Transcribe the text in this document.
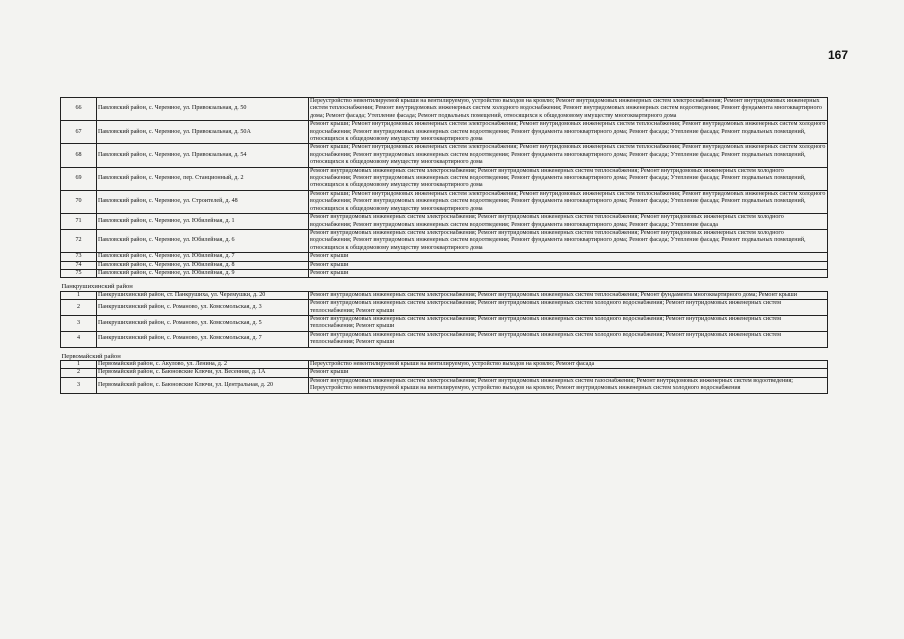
167
66	Павловский район, с. Черемное, ул. Привокзальная, д. 50	Переустройство невентилируемой крыши на вентилируемую, устройство выходов на кровлю; Ремонт внутридомовых инженерных систем электроснабжения; Ремонт внутридомовых инженерных систем теплоснабжения; Ремонт внутридомовых инженерных систем холодного водоснабжения; Ремонт внутридомовых инженерных систем водоотведения; Ремонт фундамента многоквартирного дома; Ремонт фасада; Утепление фасада; Ремонт подвальных помещений, относящихся к общедомовому имуществу многоквартирного дома
67	Павловский район, с. Черемное, ул. Привокзальная, д. 50А	Ремонт крыши; Ремонт внутридомовых инженерных систем электроснабжения; Ремонт внутридомовых инженерных систем теплоснабжения; Ремонт внутридомовых инженерных систем холодного водоснабжения; Ремонт внутридомовых инженерных систем водоотведения; Ремонт фундамента многоквартирного дома; Ремонт фасада; Утепление фасада; Ремонт подвальных помещений, относящихся к общедомовому имуществу многоквартирного дома
68	Павловский район, с. Черемное, ул. Привокзальная, д. 54	Ремонт крыши; Ремонт внутридомовых инженерных систем электроснабжения; Ремонт внутридомовых инженерных систем теплоснабжения; Ремонт внутридомовых инженерных систем холодного водоснабжения; Ремонт внутридомовых инженерных систем водоотведения; Ремонт фундамента многоквартирного дома; Ремонт фасада; Утепление фасада; Ремонт подвальных помещений, относящихся к общедомовому имуществу многоквартирного дома
69	Павловский район, с. Черемное, пер. Станционный, д. 2	Ремонт внутридомовых инженерных систем электроснабжения; Ремонт внутридомовых инженерных систем теплоснабжения; Ремонт внутридомовых инженерных систем холодного водоснабжения; Ремонт внутридомовых инженерных систем водоотведения; Ремонт фундамента многоквартирного дома; Ремонт фасада; Утепление фасада; Ремонт подвальных помещений, относящихся к общедомовому имуществу многоквартирного дома
70	Павловский район, с. Черемное, ул. Строителей, д. 48	Ремонт крыши; Ремонт внутридомовых инженерных систем электроснабжения; Ремонт внутридомовых инженерных систем теплоснабжения; Ремонт внутридомовых инженерных систем холодного водоснабжения; Ремонт внутридомовых инженерных систем водоотведения; Ремонт фундамента многоквартирного дома; Ремонт фасада; Утепление фасада; Ремонт подвальных помещений, относящихся к общедомовому имуществу многоквартирного дома
71	Павловский район, с. Черемное, ул. Юбилейная, д. 1	Ремонт внутридомовых инженерных систем электроснабжения; Ремонт внутридомовых инженерных систем теплоснабжения; Ремонт внутридомовых инженерных систем холодного водоснабжения; Ремонт внутридомовых инженерных систем водоотведения; Ремонт фундамента многоквартирного дома; Ремонт фасада; Утепление фасада
72	Павловский район, с. Черемное, ул. Юбилейная, д. 6	Ремонт внутридомовых инженерных систем электроснабжения; Ремонт внутридомовых инженерных систем теплоснабжения; Ремонт внутридомовых инженерных систем холодного водоснабжения; Ремонт внутридомовых инженерных систем водоотведения; Ремонт фундамента многоквартирного дома; Ремонт фасада; Утепление фасада; Ремонт подвальных помещений, относящихся к общедомовому имуществу многоквартирного дома
73	Павловский район, с. Черемное, ул. Юбилейная, д. 7	Ремонт крыши
74	Павловский район, с. Черемное, ул. Юбилейная, д. 8	Ремонт крыши
75	Павловский район, с. Черемное, ул. Юбилейная, д. 9	Ремонт крыши
Панкрушихинский район		
1	Панкрушихинский район, ст. Панкрушиха, ул. Черемушки, д. 20	Ремонт внутридомовых инженерных систем электроснабжения; Ремонт внутридомовых инженерных систем теплоснабжения; Ремонт фундамента многоквартирного дома; Ремонт крыши
2	Панкрушихинский район, с. Романово, ул. Комсомольская, д. 3	Ремонт внутридомовых инженерных систем электроснабжения; Ремонт внутридомовых инженерных систем холодного водоснабжения; Ремонт внутридомовых инженерных систем теплоснабжения; Ремонт крыши
3	Панкрушихинский район, с. Романово, ул. Комсомольская, д. 5	Ремонт внутридомовых инженерных систем электроснабжения; Ремонт внутридомовых инженерных систем холодного водоснабжения; Ремонт внутридомовых инженерных систем теплоснабжения; Ремонт крыши
4	Панкрушихинский район, с. Романово, ул. Комсомольская, д. 7	Ремонт внутридомовых инженерных систем электроснабжения; Ремонт внутридомовых инженерных систем холодного водоснабжения; Ремонт внутридомовых инженерных систем теплоснабжения; Ремонт крыши
Первомайский район		
1	Первомайский район, с. Акулово, ул. Ленина, д. 2	Переустройство невентилируемой крыши на вентилируемую, устройство выходов на кровлю; Ремонт фасада
2	Первомайский район, с. Баюновские Ключи, ул. Весенняя, д. 1А	Ремонт крыши
3	Первомайский район, с. Баюновские Ключи, ул. Центральная, д. 20	Ремонт внутридомовых инженерных систем электроснабжения; Ремонт внутридомовых инженерных систем газоснабжения; Ремонт внутридомовых инженерных систем водоотведения; Переустройство невентилируемой крыши на вентилируемую, устройство выходов на кровлю; Ремонт внутридомовых инженерных систем холодного водоснабжения
